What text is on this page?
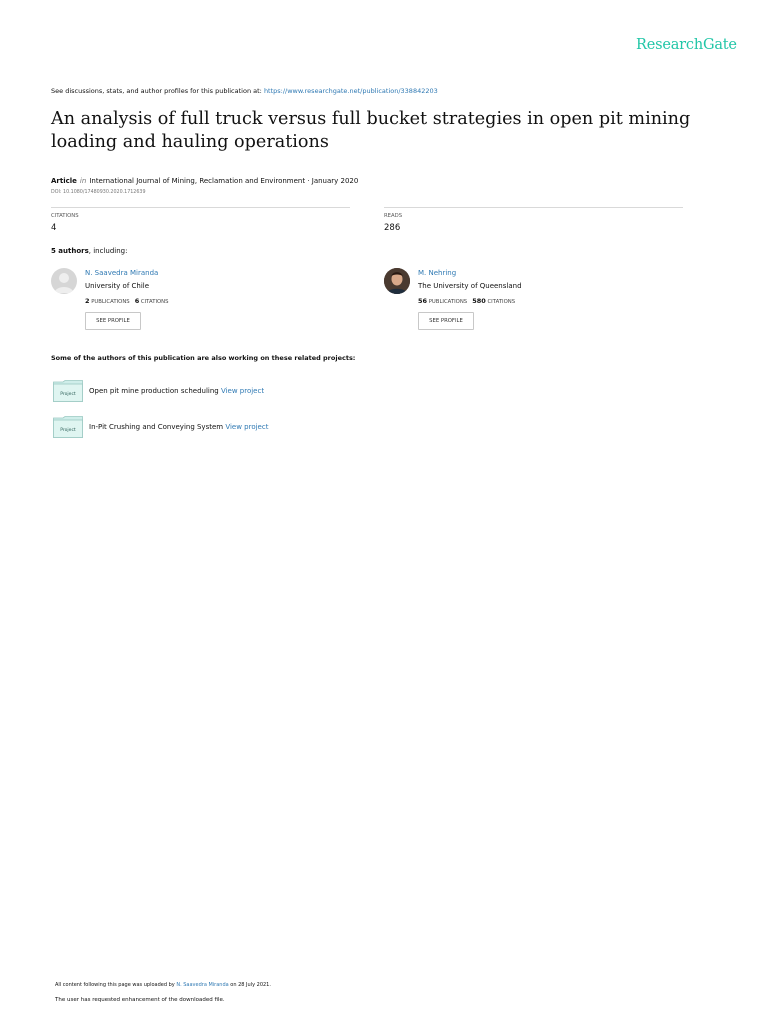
ResearchGate
See discussions, stats, and author profiles for this publication at: https://www.researchgate.net/publication/338842203
An analysis of full truck versus full bucket strategies in open pit mining loading and hauling operations
Article in International Journal of Mining, Reclamation and Environment · January 2020
DOI: 10.1080/17480930.2020.1712639
CITATIONS
4
READS
286
5 authors, including:
N. Saavedra Miranda
University of Chile
2 PUBLICATIONS 6 CITATIONS
SEE PROFILE
M. Nehring
The University of Queensland
56 PUBLICATIONS 580 CITATIONS
SEE PROFILE
Some of the authors of this publication are also working on these related projects:
Project Open pit mine production scheduling View project
Project In-Pit Crushing and Conveying System View project
All content following this page was uploaded by N. Saavedra Miranda on 28 July 2021.
The user has requested enhancement of the downloaded file.
